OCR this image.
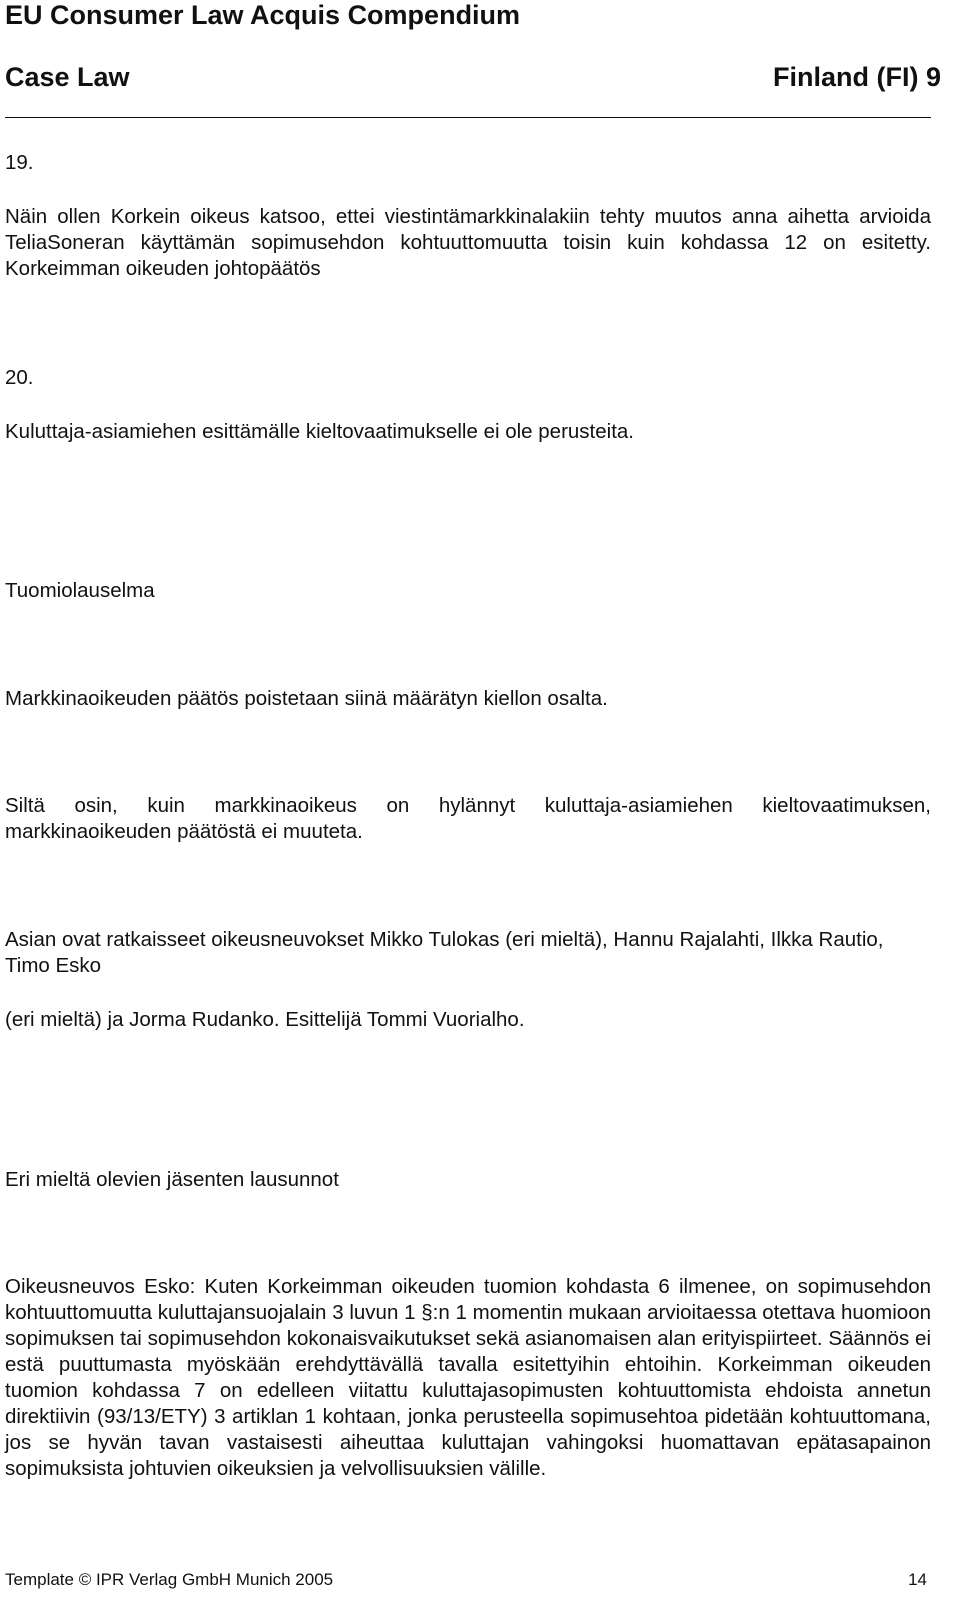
EU Consumer Law Acquis Compendium
Case Law	Finland (FI) 9
19.
Näin ollen Korkein oikeus katsoo, ettei viestintämarkkinalakiin tehty muutos anna aihetta arvioida TeliaSoneran käyttämän sopimusehdon kohtuuttomuutta toisin kuin kohdassa 12 on esitetty. Korkeimman oikeuden johtopäätös
20.
Kuluttaja-asiamiehen esittämälle kieltovaatimukselle ei ole perusteita.
Tuomiolauselma
Markkinaoikeuden päätös poistetaan siinä määrätyn kiellon osalta.
Siltä osin, kuin markkinaoikeus on hylännyt kuluttaja-asiamiehen kieltovaatimuksen, markkinaoikeuden päätöstä ei muuteta.
Asian ovat ratkaisseet oikeusneuvokset Mikko Tulokas (eri mieltä), Hannu Rajalahti, Ilkka Rautio, Timo Esko
(eri mieltä) ja Jorma Rudanko. Esittelijä Tommi Vuorialho.
Eri mieltä olevien jäsenten lausunnot
Oikeusneuvos Esko: Kuten Korkeimman oikeuden tuomion kohdasta 6 ilmenee, on sopimusehdon kohtuuttomuutta kuluttajansuojalain 3 luvun 1 §:n 1 momentin mukaan arvioitaessa otettava huomioon sopimuksen tai sopimusehdon kokonaisvaikutukset sekä asianomaisen alan erityispiirteet. Säännös ei estä puuttumasta myöskään erehdyttävällä tavalla esitettyihin ehtoihin. Korkeimman oikeuden tuomion kohdassa 7 on edelleen viitattu kuluttajasopimusten kohtuuttomista ehdoista annetun direktiivin (93/13/ETY) 3 artiklan 1 kohtaan, jonka perusteella sopimusehtoa pidetään kohtuuttomana, jos se hyvän tavan vastaisesti aiheuttaa kuluttajan vahingoksi huomattavan epätasapainon sopimuksista johtuvien oikeuksien ja velvollisuuksien välille.
Template © IPR Verlag GmbH Munich 2005	14
